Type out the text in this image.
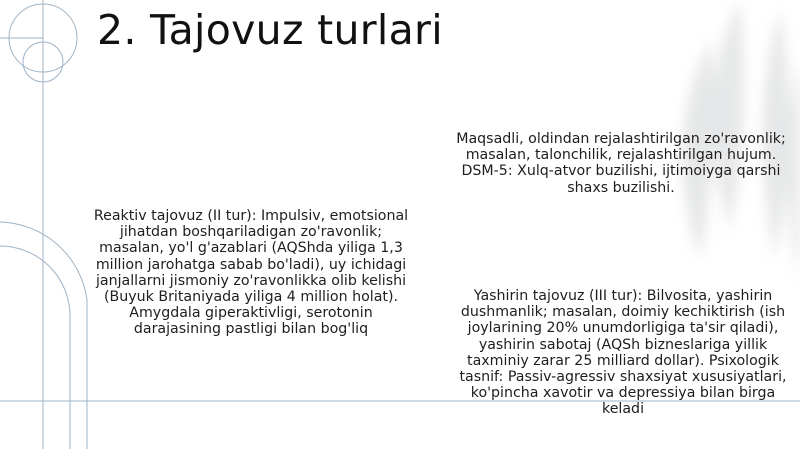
2. Tajovuz turlari
Reaktiv tajovuz (II tur): Impulsiv, emotsional jihatdan boshqariladigan zo'ravonlik; masalan, yo'l g'azablari (AQShda yiliga 1,3 million jarohatga sabab bo'ladi), uy ichidagi janjallarni jismoniy zo'ravonlikka olib kelishi (Buyuk Britaniyada yiliga 4 million holat). Amygdala giperaktivligi, serotonin darajasining pastligi bilan bog'liq
Maqsadli, oldindan rejalashtirilgan zo'ravonlik; masalan, talonchilik, rejalashtirilgan hujum. DSM-5: Xulq-atvor buzilishi, ijtimoiyga qarshi shaxs buzilishi.
Yashirin tajovuz (III tur): Bilvosita, yashirin dushmanlik; masalan, doimiy kechiktirish (ish joylarining 20% unumdorligiga ta'sir qiladi), yashirin sabotaj (AQSh bizneslariga yillik taxminiy zarar 25 milliard dollar). Psixologik tasnif: Passiv-agressiv shaxsiyat xususiyatlari, ko'pincha xavotir va depressiya bilan birga keladi
